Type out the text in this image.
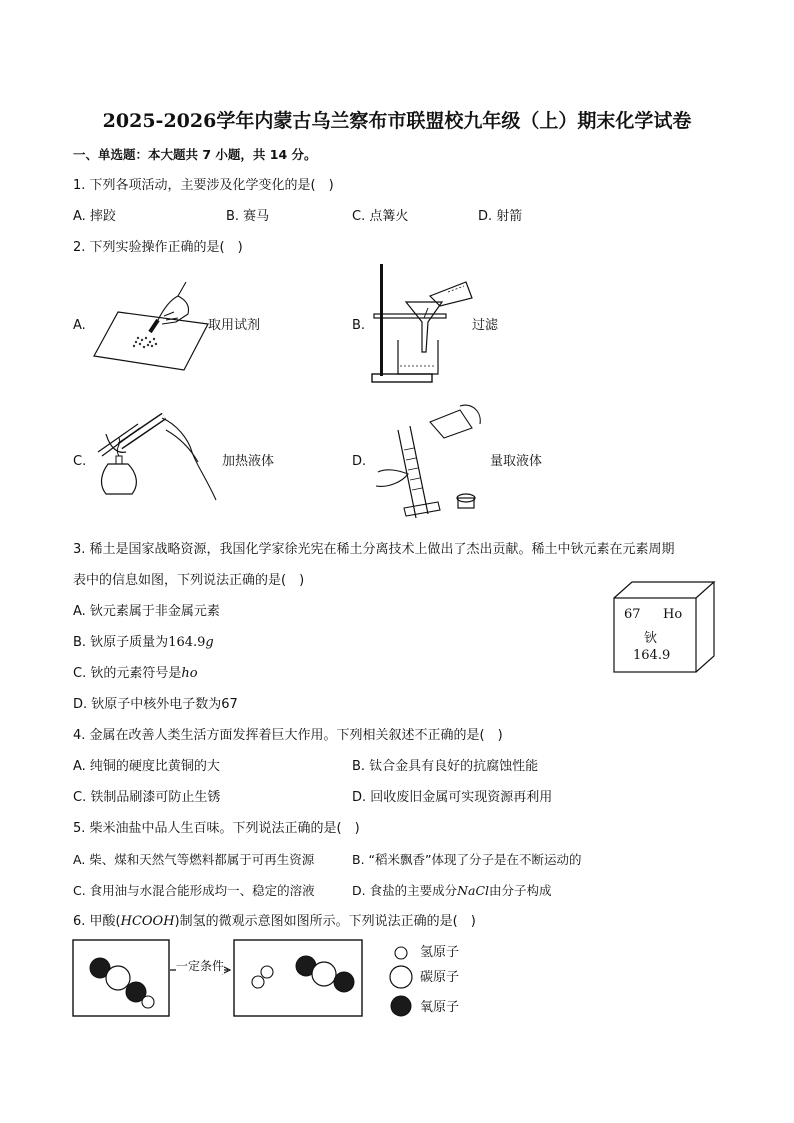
2025-2026学年内蒙古乌兰察布市联盟校九年级（上）期末化学试卷
一、单选题：本大题共 7 小题，共 14 分。
1. 下列各项活动，主要涉及化学变化的是(　)
A. 摔跤	B. 赛马	C. 点篝火	D. 射箭
2. 下列实验操作正确的是(　)
A.	取用试剂	B.	过滤
C.	加热液体	D.	量取液体
3. 稀土是国家战略资源，我国化学家徐光宪在稀土分离技术上做出了杰出贡献。稀土中钬元素在元素周期
表中的信息如图，下列说法正确的是(　)
A. 钬元素属于非金属元素
B. 钬原子质量为164.9g
C. 钬的元素符号是ho
D. 钬原子中核外电子数为67
67 Ho
钬
164.9
4. 金属在改善人类生活方面发挥着巨大作用。下列相关叙述不正确的是(　)
A. 纯铜的硬度比黄铜的大	B. 钛合金具有良好的抗腐蚀性能
C. 铁制品刷漆可防止生锈	D. 回收废旧金属可实现资源再利用
5. 柴米油盐中品人生百味。下列说法正确的是(　)
A. 柴、煤和天然气等燃料都属于可再生资源	B. “稻米飘香”体现了分子是在不断运动的
C. 食用油与水混合能形成均一、稳定的溶液	D. 食盐的主要成分NaCl由分子构成
6. 甲酸(HCOOH)制氢的微观示意图如图所示。下列说法正确的是(　)
一定条件
氢原子
碳原子
氧原子
